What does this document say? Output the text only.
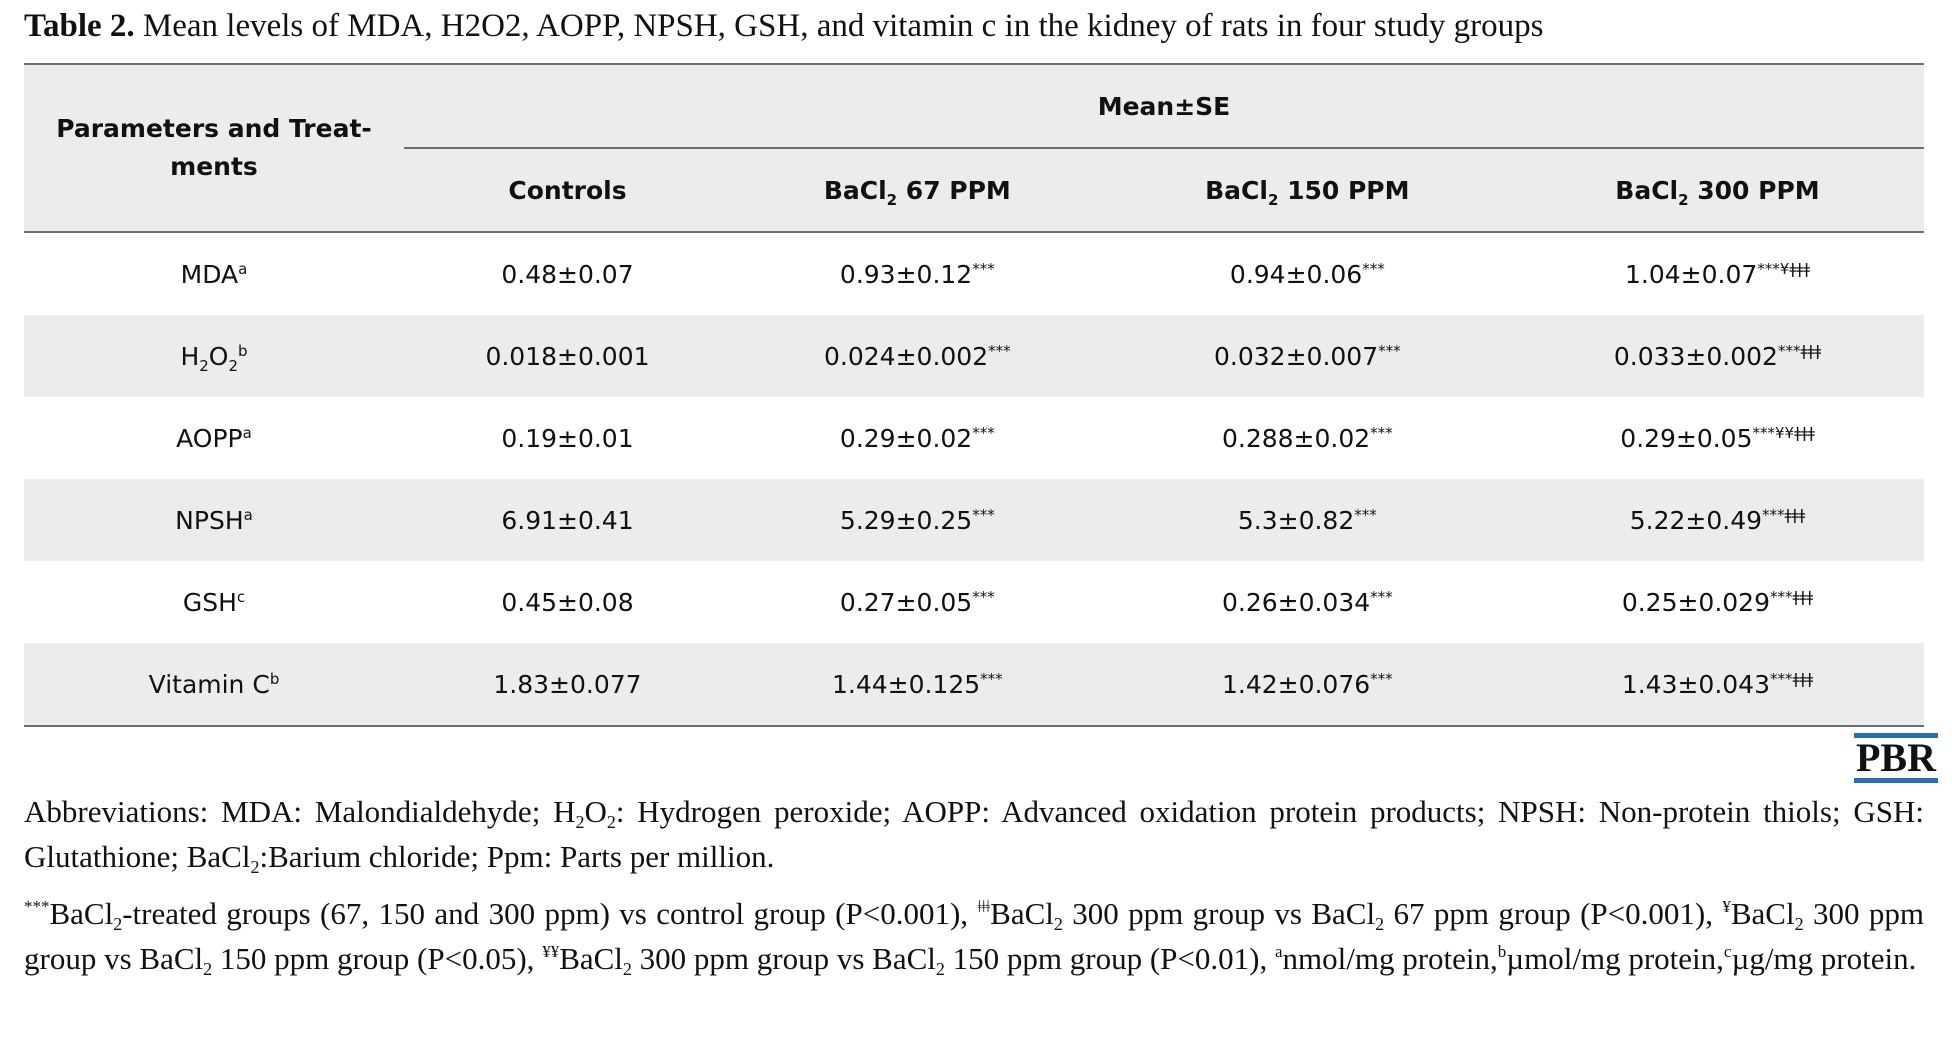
Table 2. Mean levels of MDA, H2O2, AOPP, NPSH, GSH, and vitamin c in the kidney of rats in four study groups
Parameters and Treat-
ments	Mean±SE			
	Controls	BaCl$_2$ 67 PPM	BaCl$_2$ 150 PPM	BaCl$_2$ 300 PPM
MDA$^a$	0.48±0.07	0.93±0.12***	0.94±0.06***	$1.04\pm 0.07^{***¥ǂǂǂ}$
$H_2O_2^b$	0.018±0.001	0.024±0.002***	0.032±0.007***	$0.033\pm 0.002^{***ǂǂǂ}$
AOPP$^a$	0.19±0.01	0.29±0.02***	0.288±0.02***	$0.29\pm 0.05^{***¥¥ǂǂǂ}$
NPSH$^a$	6.91±0.41	5.29±0.25***	5.3±0.82***	$5.22\pm 0.49^{***ǂǂǂ}$
GSH$^c$	0.45±0.08	0.27±0.05***	0.26±0.034***	$0.25\pm 0.029^{***ǂǂǂ}$
Vitamin $C^b$	1.83±0.077	1.44±0.125***	1.42±0.076***	$1.43\pm 0.043^{***ǂǂǂ}$
PBR

Abbreviations: MDA: Malondialdehyde; $H_2O_2$: Hydrogen peroxide; AOPP: Advanced oxidation protein products; NPSH: Non-protein thiols; GSH: Glutathione; BaCl$_2$:Barium chloride; Ppm: Parts per million.

***BaCl$_2$-treated groups (67, 150 and 300 ppm) vs control group (P<0.001), $^{ǂǂǂ}$BaCl$_2$ 300 ppm group vs BaCl$_2$ 67 ppm group (P<0.001), ¥BaCl$_2$ 300 ppm group vs BaCl$_2$ 150 ppm group (P<0.05), ¥¥BaCl$_2$ 300 ppm group vs BaCl$_2$ 150 ppm group (P<0.01), $^a$nmol/mg protein,$^b$µmol/mg protein,$^c$µg/mg protein.
